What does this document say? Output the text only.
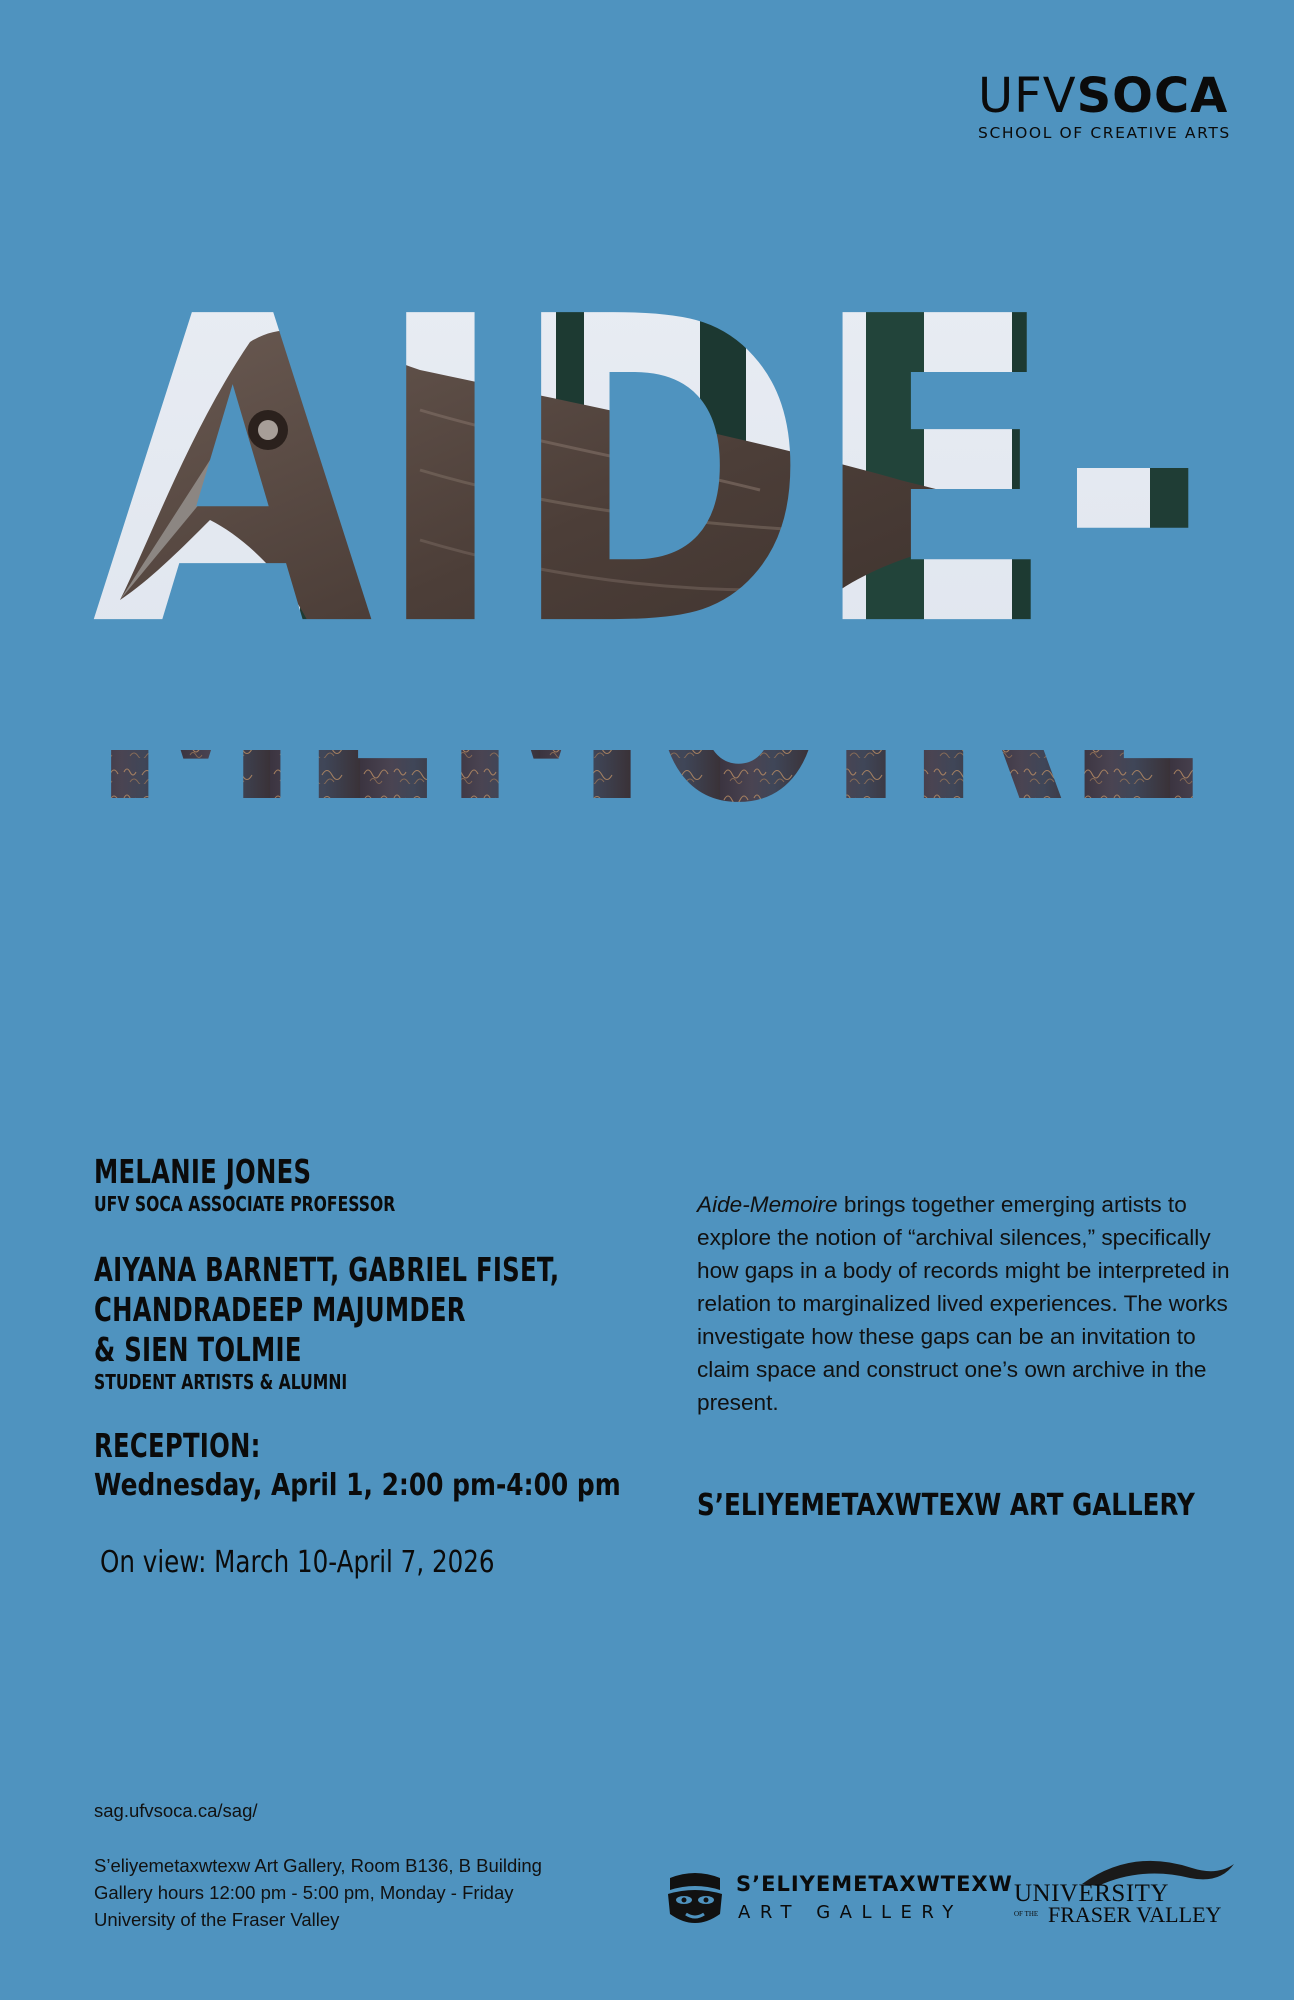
UFVSOCA
SCHOOL OF CREATIVE ARTS
MELANIE JONES
UFV SOCA ASSOCIATE PROFESSOR
AIYANA BARNETT, GABRIEL FISET,
CHANDRADEEP MAJUMDER
& SIEN TOLMIE
STUDENT ARTISTS & ALUMNI
RECEPTION:
Wednesday, April 1, 2:00 pm-4:00 pm
On view: March 10-April 7, 2026

Aide-Memoire brings together emerging artists to explore the notion of “archival silences,” specifically how gaps in a body of records might be interpreted in relation to marginalized lived experiences. The works investigate how these gaps can be an invitation to claim space and construct one’s own archive in the present.

S’ELIYEMETAXWTEXW ART GALLERY
sag.ufvsoca.ca/sag/
S’eliyemetaxwtexw Art Gallery, Room B136, B Building
Gallery hours 12:00 pm - 5:00 pm, Monday - Friday
University of the Fraser Valley
S’ELIYEMETAXWTEXW
ART GALLERY
UNIVERSITY
OF THE FRASER VALLEY
